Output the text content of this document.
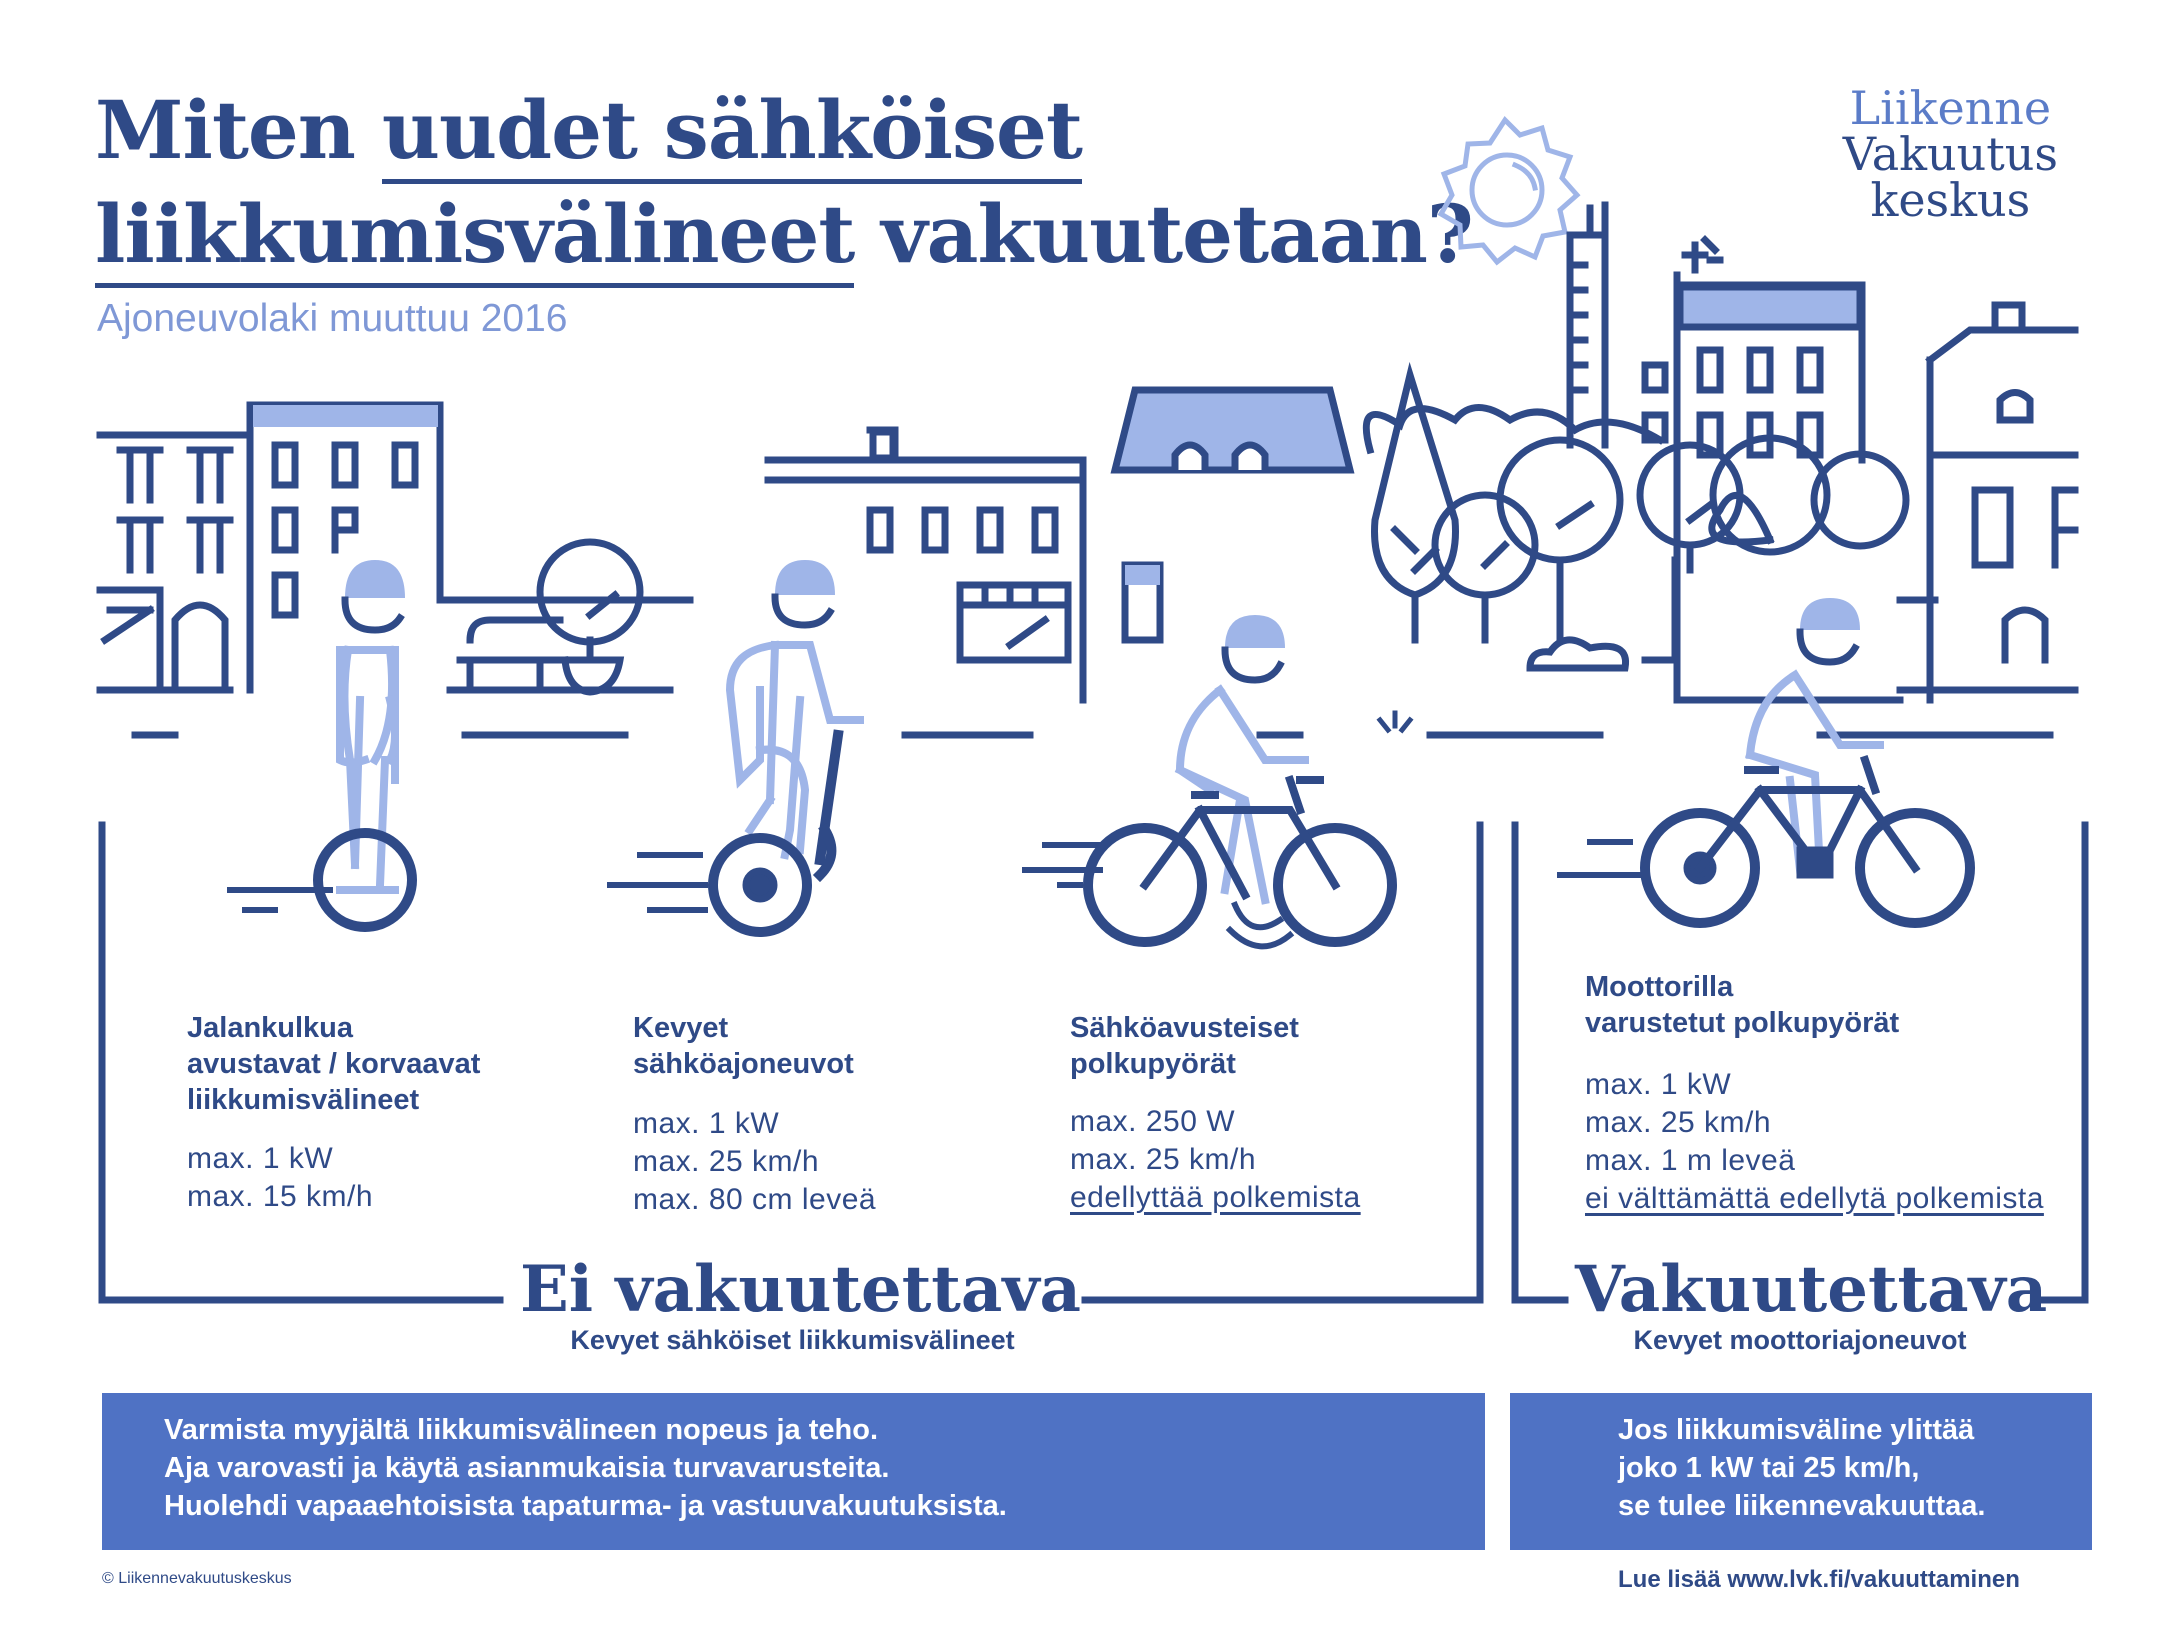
Miten uudet sähköiset
liikkumisvälineet vakuutetaan?
Ajoneuvolaki muuttuu 2016
Liikenne
Vakuutus
keskus
Jalankulkua
avustavat / korvaavat
liikkumisvälineet
max. 1 kW
max. 15 km/h
Kevyet
sähköajoneuvot
max. 1 kW
max. 25 km/h
max. 80 cm leveä
Sähköavusteiset
polkupyörät
max. 250 W
max. 25 km/h
edellyttää polkemista
Moottorilla
varustetut polkupyörät
max. 1 kW
max. 25 km/h
max. 1 m leveä
ei välttämättä edellytä polkemista
Ei vakuutettava
Kevyet sähköiset liikkumisvälineet
Vakuutettava
Kevyet moottoriajoneuvot
Varmista myyjältä liikkumisvälineen nopeus ja teho.
Aja varovasti ja käytä asianmukaisia turvavarusteita.
Huolehdi vapaaehtoisista tapaturma- ja vastuuvakuutuksista.
Jos liikkumisväline ylittää
joko 1 kW tai 25 km/h,
se tulee liikennevakuuttaa.
© Liikennevakuutuskeskus	Lue lisää www.lvk.fi/vakuuttaminen
